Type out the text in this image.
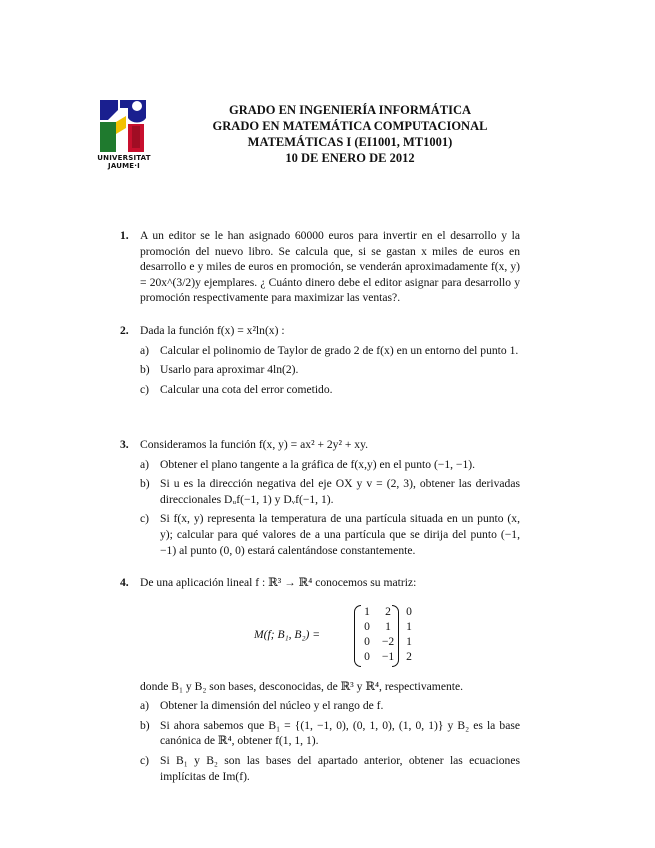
UNIVERSITAT
JAUME·I
GRADO EN INGENIERÍA INFORMÁTICA
GRADO EN MATEMÁTICA COMPUTACIONAL
MATEMÁTICAS I (EI1001, MT1001)
10 DE ENERO DE 2012
1. A un editor se le han asignado 60000 euros para invertir en el desarrollo y la promoción del nuevo libro. Se calcula que, si se gastan x miles de euros en desarrollo e y miles de euros en promoción, se venderán aproximadamente f(x, y) = 20x^(3/2)y ejemplares. ¿ Cuánto dinero debe el editor asignar para desarrollo y promoción respectivamente para maximizar las ventas?.
2. Dada la función f(x) = x²ln(x) :
a) Calcular el polinomio de Taylor de grado 2 de f(x) en un entorno del punto 1.
b) Usarlo para aproximar 4ln(2).
c) Calcular una cota del error cometido.
3. Consideramos la función f(x, y) = ax² + 2y² + xy.
a) Obtener el plano tangente a la gráfica de f(x,y) en el punto (−1, −1).
b) Si u es la dirección negativa del eje OX y v = (2, 3), obtener las derivadas direccionales Dᵤf(−1, 1) y Dᵥf(−1, 1).
c) Si f(x, y) representa la temperatura de una partícula situada en un punto (x, y); calcular para qué valores de a una partícula que se dirija del punto (−1, −1) al punto (0, 0) estará calentándose constantemente.
4. De una aplicación lineal f : ℝ³ → ℝ⁴ conocemos su matriz:
M(f; B₁, B₂) =
1	2	0
0	1	1
0	−2	1
0	−1	2
donde B₁ y B₂ son bases, desconocidas, de ℝ³ y ℝ⁴, respectivamente.
a) Obtener la dimensión del núcleo y el rango de f.
b) Si ahora sabemos que B₁ = {(1, −1, 0), (0, 1, 0), (1, 0, 1)} y B₂ es la base canónica de ℝ⁴, obtener f(1, 1, 1).
c) Si B₁ y B₂ son las bases del apartado anterior, obtener las ecuaciones implícitas de Im(f).
